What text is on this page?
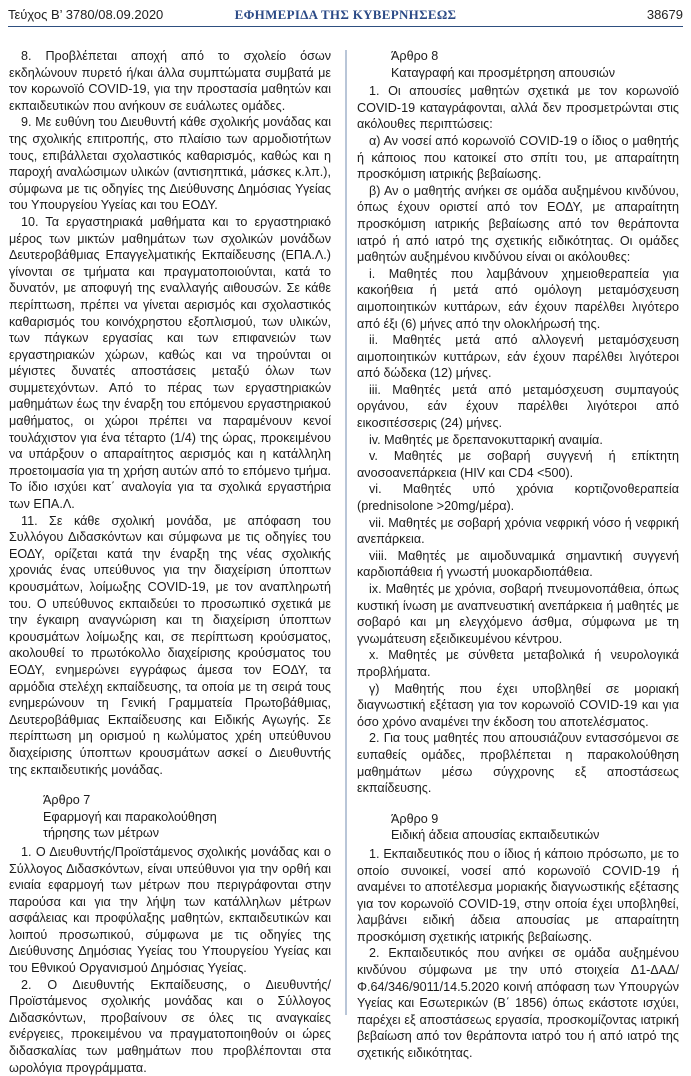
Τεύχος Β’ 3780/08.09.2020	ΕΦΗΜΕΡΙΔΑ ΤΗΣ ΚΥΒΕΡΝΗΣΕΩΣ	38679

8. Προβλέπεται αποχή από το σχολείο όσων εκδηλώνουν πυρετό ή/και άλλα συμπτώματα συμβατά με τον κορωνοϊό COVID-19, για την προστασία μαθητών και εκπαιδευτικών που ανήκουν σε ευάλωτες ομάδες.

9. Με ευθύνη του Διευθυντή κάθε σχολικής μονάδας και της σχολικής επιτροπής, στο πλαίσιο των αρμοδιοτήτων τους, επιβάλλεται σχολαστικός καθαρισμός, καθώς και η παροχή αναλώσιμων υλικών (αντισηπτικά, μάσκες κ.λπ.), σύμφωνα με τις οδηγίες της Διεύθυνσης Δημόσιας Υγείας του Υπουργείου Υγείας και του ΕΟΔΥ.

10. Τα εργαστηριακά μαθήματα και το εργαστηριακό μέρος των μικτών μαθημάτων των σχολικών μονάδων Δευτεροβάθμιας Επαγγελματικής Εκπαίδευσης (ΕΠΑ.Λ.) γίνονται σε τμήματα και πραγματοποιούνται, κατά το δυνατόν, με αποφυγή της εναλλαγής αιθουσών. Σε κάθε περίπτωση, πρέπει να γίνεται αερισμός και σχολαστικός καθαρισμός του κοινόχρηστου εξοπλισμού, των υλικών, των πάγκων εργασίας και των επιφανειών των εργαστηριακών χώρων, καθώς και να τηρούνται οι μέγιστες δυνατές αποστάσεις μεταξύ όλων των συμμετεχόντων. Από το πέρας των εργαστηριακών μαθημάτων έως την έναρξη του επόμενου εργαστηριακού μαθήματος, οι χώροι πρέπει να παραμένουν κενοί τουλάχιστον για ένα τέταρτο (1/4) της ώρας, προκειμένου να υπάρξουν ο απαραίτητος αερισμός και η κατάλληλη προετοιμασία για τη χρήση αυτών από το επόμενο τμήμα. Το ίδιο ισχύει κατ΄ αναλογία για τα σχολικά εργαστήρια των ΕΠΑ.Λ.

11. Σε κάθε σχολική μονάδα, με απόφαση του Συλλόγου Διδασκόντων και σύμφωνα με τις οδηγίες του ΕΟΔΥ, ορίζεται κατά την έναρξη της νέας σχολικής χρονιάς ένας υπεύθυνος για την διαχείριση ύποπτων κρουσμάτων, λοίμωξης COVID-19, με τον αναπληρωτή του. Ο υπεύθυνος εκπαιδεύει το προσωπικό σχετικά με την έγκαιρη αναγνώριση και τη διαχείριση ύποπτων κρουσμάτων λοίμωξης και, σε περίπτωση κρούσματος, ακολουθεί το πρωτόκολλο διαχείρισης κρούσματος του ΕΟΔΥ, ενημερώνει εγγράφως άμεσα τον ΕΟΔΥ, τα αρμόδια στελέχη εκπαίδευσης, τα οποία με τη σειρά τους ενημερώνουν τη Γενική Γραμματεία Πρωτοβάθμιας, Δευτεροβάθμιας Εκπαίδευσης και Ειδικής Αγωγής. Σε περίπτωση μη ορισμού η κωλύματος χρέη υπεύθυνου διαχείρισης ύποπτων κρουσμάτων ασκεί ο Διευθυντής της εκπαιδευτικής μονάδας.

Άρθρο 7
Εφαρμογή και παρακολούθηση
τήρησης των μέτρων

1. Ο Διευθυντής/Προϊστάμενος σχολικής μονάδας και ο Σύλλογος Διδασκόντων, είναι υπεύθυνοι για την ορθή και ενιαία εφαρμογή των μέτρων που περιγράφονται στην παρούσα και για την λήψη των κατάλληλων μέτρων ασφάλειας και προφύλαξης μαθητών, εκπαιδευτικών και λοιπού προσωπικού, σύμφωνα με τις οδηγίες της Διεύθυνσης Δημόσιας Υγείας του Υπουργείου Υγείας και του Εθνικού Οργανισμού Δημόσιας Υγείας.

2. Ο Διευθυντής Εκπαίδευσης, ο Διευθυντής/Προϊστάμενος σχολικής μονάδας και ο Σύλλογος Διδασκόντων, προβαίνουν σε όλες τις αναγκαίες ενέργειες, προκειμένου να πραγματοποιηθούν οι ώρες διδασκαλίας των μαθημάτων που προβλέπονται στα ωρολόγια προγράμματα.

Άρθρο 8
Καταγραφή και προσμέτρηση απουσιών

1. Οι απουσίες μαθητών σχετικά με τον κορωνοϊό COVID-19 καταγράφονται, αλλά δεν προσμετρώνται στις ακόλουθες περιπτώσεις:

α) Αν νοσεί από κορωνοϊό COVID-19 ο ίδιος ο μαθητής ή κάποιος που κατοικεί στο σπίτι του, με απαραίτητη προσκόμιση ιατρικής βεβαίωσης.

β) Αν ο μαθητής ανήκει σε ομάδα αυξημένου κινδύνου, όπως έχουν οριστεί από τον ΕΟΔΥ, με απαραίτητη προσκόμιση ιατρικής βεβαίωσης από τον θεράποντα ιατρό ή από ιατρό της σχετικής ειδικότητας. Οι ομάδες μαθητών αυξημένου κινδύνου είναι οι ακόλουθες:

i. Μαθητές που λαμβάνουν χημειοθεραπεία για κακοήθεια ή μετά από ομόλογη μεταμόσχευση αιμοποιητικών κυττάρων, εάν έχουν παρέλθει λιγότερο από έξι (6) μήνες από την ολοκλήρωσή της.

ii. Μαθητές μετά από αλλογενή μεταμόσχευση αιμοποιητικών κυττάρων, εάν έχουν παρέλθει λιγότεροι από δώδεκα (12) μήνες.

iii. Μαθητές μετά από μεταμόσχευση συμπαγούς οργάνου, εάν έχουν παρέλθει λιγότεροι από εικοσιτέσσερις (24) μήνες.

iv. Μαθητές με δρεπανοκυτταρική αναιμία.

v. Μαθητές με σοβαρή συγγενή ή επίκτητη ανοσοανεπάρκεια (HIV και CD4 <500).

vi. Μαθητές υπό χρόνια κορτιζονοθεραπεία (prednisolone >20mg/μέρα).

vii. Μαθητές με σοβαρή χρόνια νεφρική νόσο ή νεφρική ανεπάρκεια.

viii. Μαθητές με αιμοδυναμικά σημαντική συγγενή καρδιοπάθεια ή γνωστή μυοκαρδιοπάθεια.

ix. Μαθητές με χρόνια, σοβαρή πνευμονοπάθεια, όπως κυστική ίνωση με αναπνευστική ανεπάρκεια ή μαθητές με σοβαρό και μη ελεγχόμενο άσθμα, σύμφωνα με τη γνωμάτευση εξειδικευμένου κέντρου.

x. Μαθητές με σύνθετα μεταβολικά ή νευρολογικά προβλήματα.

γ) Μαθητής που έχει υποβληθεί σε μοριακή διαγνωστική εξέταση για τον κορωνοϊό COVID-19 και για όσο χρόνο αναμένει την έκδοση του αποτελέσματος.

2. Για τους μαθητές που απουσιάζουν εντασσόμενοι σε ευπαθείς ομάδες, προβλέπεται η παρακολούθηση μαθημάτων μέσω σύγχρονης εξ αποστάσεως εκπαίδευσης.

Άρθρο 9
Ειδική άδεια απουσίας εκπαιδευτικών

1. Εκπαιδευτικός που ο ίδιος ή κάποιο πρόσωπο, με το οποίο συνοικεί, νοσεί από κορωνοϊό COVID-19 ή αναμένει το αποτέλεσμα μοριακής διαγνωστικής εξέτασης για τον κορωνοϊό COVID-19, στην οποία έχει υποβληθεί, λαμβάνει ειδική άδεια απουσίας με απαραίτητη προσκόμιση σχετικής ιατρικής βεβαίωσης.

2. Εκπαιδευτικός που ανήκει σε ομάδα αυξημένου κινδύνου σύμφωνα με την υπό στοιχεία Δ1-ΔΑΔ/Φ.64/346/9011/14.5.2020 κοινή απόφαση των Υπουργών Υγείας και Εσωτερικών (Β΄ 1856) όπως εκάστοτε ισχύει, παρέχει εξ αποστάσεως εργασία, προσκομίζοντας ιατρική βεβαίωση από τον θεράποντα ιατρό του ή από ιατρό της σχετικής ειδικότητας.
